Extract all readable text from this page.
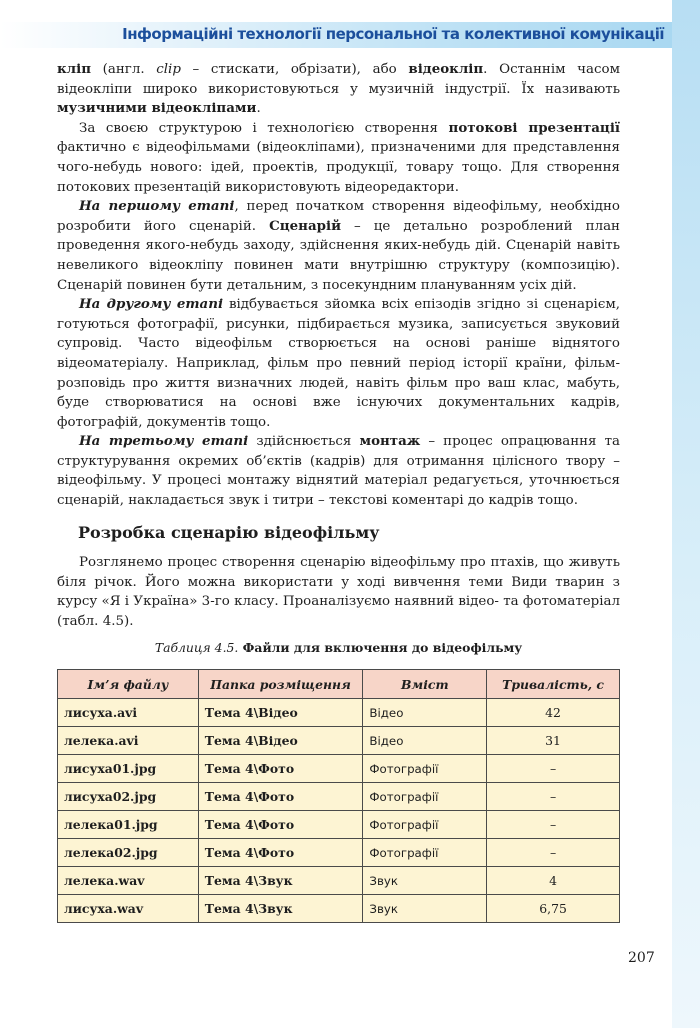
Інформаційні технології персональної та колективної комунікації

кліп (англ. clip – стискати, обрізати), або відеокліп. Останнім часом відеокліпи широко використовуються у музичній індустрії. Їх називають музичними відеокліпами.

За своєю структурою і технологією створення потокові презентації фактично є відеофільмами (відеокліпами), призначеними для представлення чого-небудь нового: ідей, проектів, продукції, товару тощо. Для створення потокових презентацій використовують відеоредактори.

На першому етапі, перед початком створення відеофільму, необхідно розробити його сценарій. Сценарій – це детально розроблений план проведення якого-небудь заходу, здійснення яких-небудь дій. Сценарій навіть невеликого відеокліпу повинен мати внутрішню структуру (композицію). Сценарій повинен бути детальним, з посекундним плануванням усіх дій.

На другому етапі відбувається зйомка всіх епізодів згідно зі сценарієм, готуються фотографії, рисунки, підбирається музика, записується звуковий супровід. Часто відеофільм створюється на основі раніше віднятого відеоматеріалу. Наприклад, фільм про певний період історії країни, фільм-розповідь про життя визначних людей, навіть фільм про ваш клас, мабуть, буде створюватися на основі вже існуючих документальних кадрів, фотографій, документів тощо.

На третьому етапі здійснюється монтаж – процес опрацювання та структурування окремих об’єктів (кадрів) для отримання цілісного твору – відеофільму. У процесі монтажу віднятий матеріал редагується, уточнюється сценарій, накладається звук і титри – текстові коментарі до кадрів тощо.

Розробка сценарію відеофільму

Розглянемо процес створення сценарію відеофільму про птахів, що живуть біля річок. Його можна використати у ході вивчення теми Види тварин з курсу «Я і Україна» 3-го класу. Проаналізуємо наявний відео- та фотоматеріал (табл. 4.5).

Таблиця 4.5. Файли для включення до відеофільму
Ім’я файлу	Папка розміщення	Вміст	Тривалість, с
лисуха.avi	Тема 4\Відео	Відео	42
лелека.avi	Тема 4\Відео	Відео	31
лисуха01.jpg	Тема 4\Фото	Фотографії	–
лисуха02.jpg	Тема 4\Фото	Фотографії	–
лелека01.jpg	Тема 4\Фото	Фотографії	–
лелека02.jpg	Тема 4\Фото	Фотографії	–
лелека.wav	Тема 4\Звук	Звук	4
лисуха.wav	Тема 4\Звук	Звук	6,75
207
